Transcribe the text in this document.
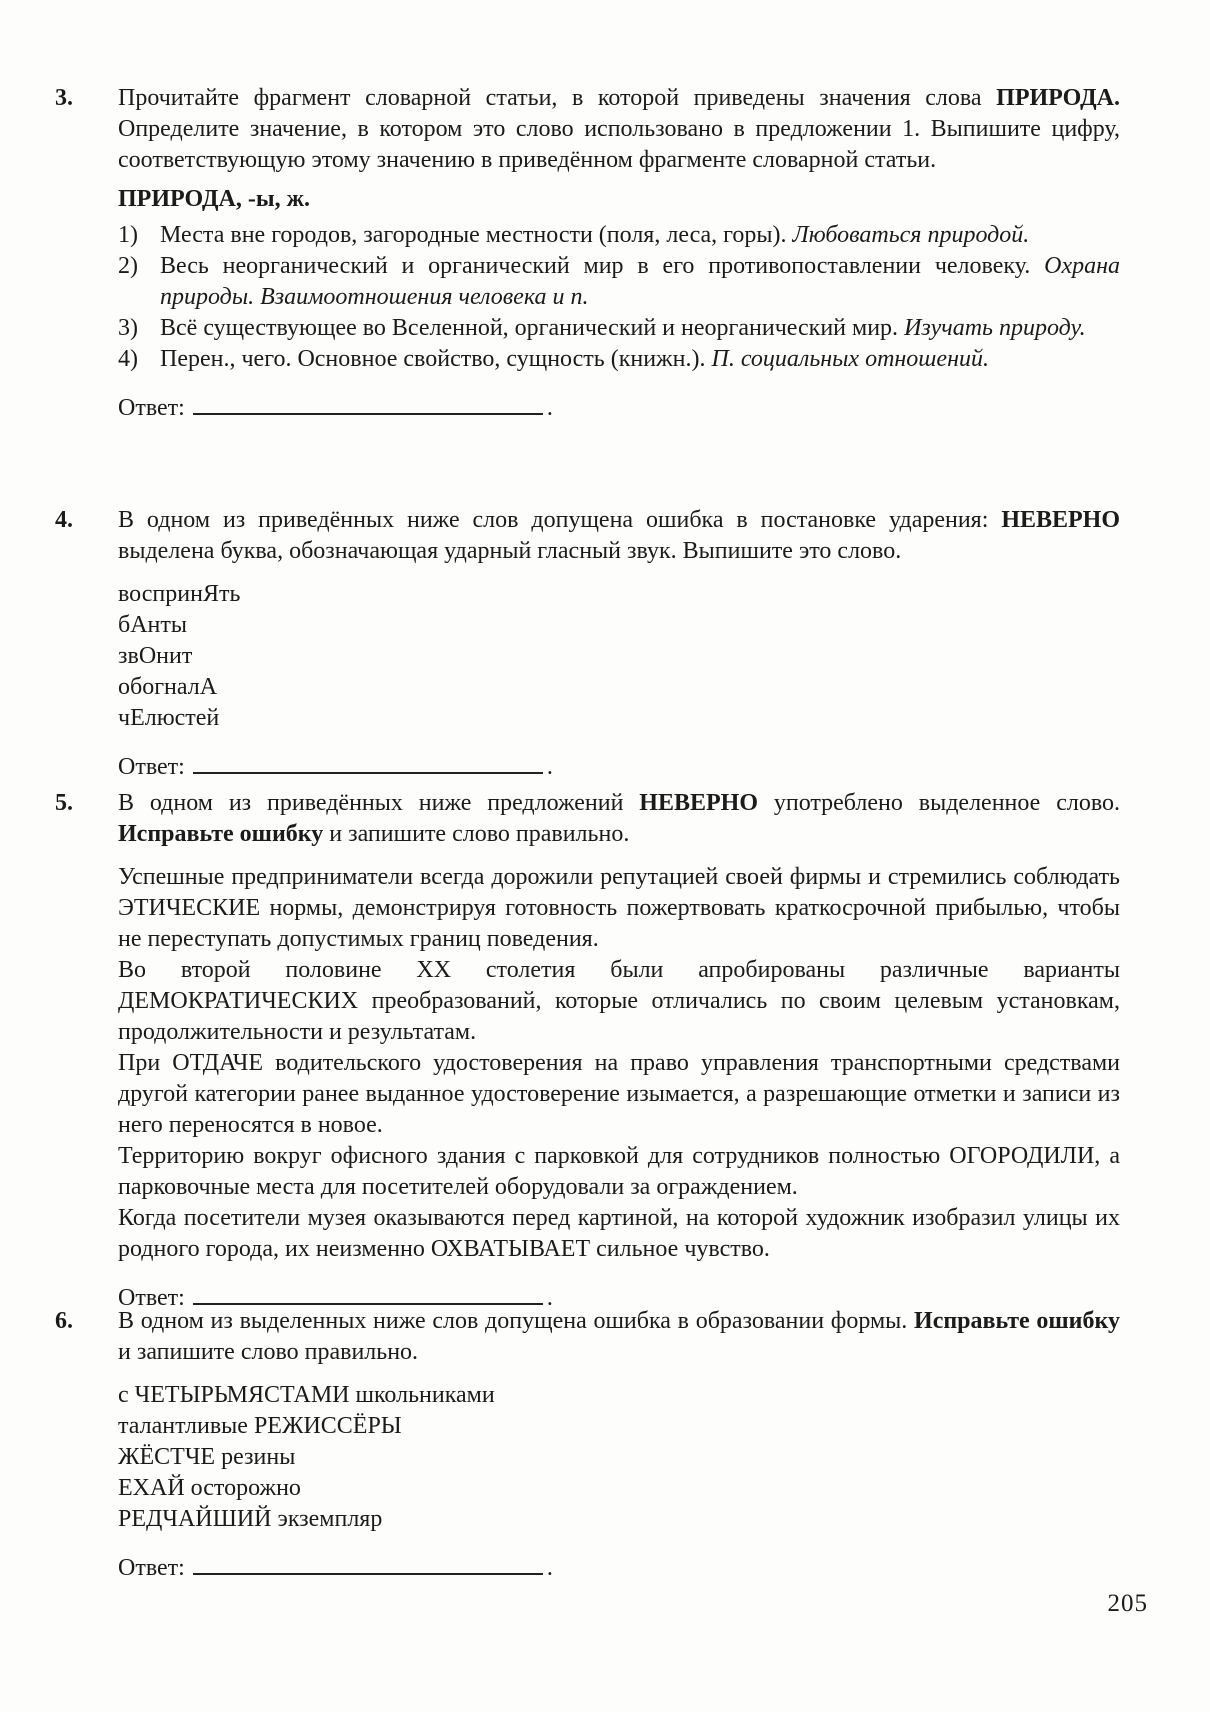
3.	Прочитайте фрагмент словарной статьи, в которой приведены значения слова ПРИРОДА. Определите значение, в котором это слово использовано в предложении 1. Выпишите цифру, соответствующую этому значению в приведённом фрагменте словарной статьи.

ПРИРОДА, -ы, ж.

1) Места вне городов, загородные местности (поля, леса, горы). Любоваться природой.

2) Весь неорганический и органический мир в его противопоставлении человеку. Охрана природы. Взаимоотношения человека и п.

3) Всё существующее во Вселенной, органический и неорганический мир. Изучать природу.

4) Перен., чего. Основное свойство, сущность (книжн.). П. социальных отношений.

Ответ:	.
4.	В одном из приведённых ниже слов допущена ошибка в постановке ударения: НЕВЕРНО выделена буква, обозначающая ударный гласный звук. Выпишите это слово.

воспринЯть
бАнты
звОнит
обогналА
чЕлюстей
Ответ:	.
5.	В одном из приведённых ниже предложений НЕВЕРНО употреблено выделенное слово. Исправьте ошибку и запишите слово правильно.

Успешные предприниматели всегда дорожили репутацией своей фирмы и стремились соблюдать ЭТИЧЕСКИЕ нормы, демонстрируя готовность пожертвовать краткосрочной прибылью, чтобы не переступать допустимых границ поведения.

Во второй половине XX столетия были апробированы различные варианты ДЕМОКРАТИЧЕСКИХ преобразований, которые отличались по своим целевым установкам, продолжительности и результатам.

При ОТДАЧЕ водительского удостоверения на право управления транспортными средствами другой категории ранее выданное удостоверение изымается, а разрешающие отметки и записи из него переносятся в новое.

Территорию вокруг офисного здания с парковкой для сотрудников полностью ОГОРОДИЛИ, а парковочные места для посетителей оборудовали за ограждением.

Когда посетители музея оказываются перед картиной, на которой художник изобразил улицы их родного города, их неизменно ОХВАТЫВАЕТ сильное чувство.

Ответ:	.
6.	В одном из выделенных ниже слов допущена ошибка в образовании формы. Исправьте ошибку и запишите слово правильно.

с ЧЕТЫРЬМЯСТАМИ школьниками
талантливые РЕЖИССЁРЫ
ЖЁСТЧЕ резины
ЕХАЙ осторожно
РЕДЧАЙШИЙ экземпляр
Ответ:	.
205
